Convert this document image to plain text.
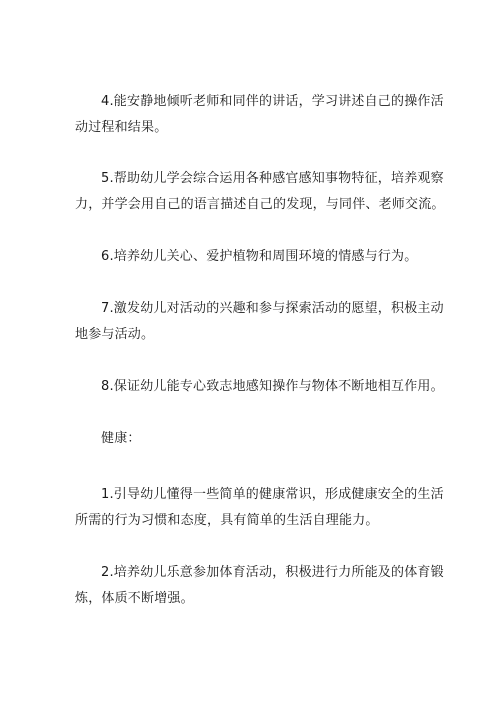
4.能安静地倾听老师和同伴的讲话，学习讲述自己的操作活动过程和结果。

5.帮助幼儿学会综合运用各种感官感知事物特征，培养观察力，并学会用自己的语言描述自己的发现，与同伴、老师交流。

6.培养幼儿关心、爱护植物和周围环境的情感与行为。

7.激发幼儿对活动的兴趣和参与探索活动的愿望，积极主动地参与活动。

8.保证幼儿能专心致志地感知操作与物体不断地相互作用。

健康：

1.引导幼儿懂得一些简单的健康常识，形成健康安全的生活所需的行为习惯和态度，具有简单的生活自理能力。

2.培养幼儿乐意参加体育活动，积极进行力所能及的体育锻炼，体质不断增强。
